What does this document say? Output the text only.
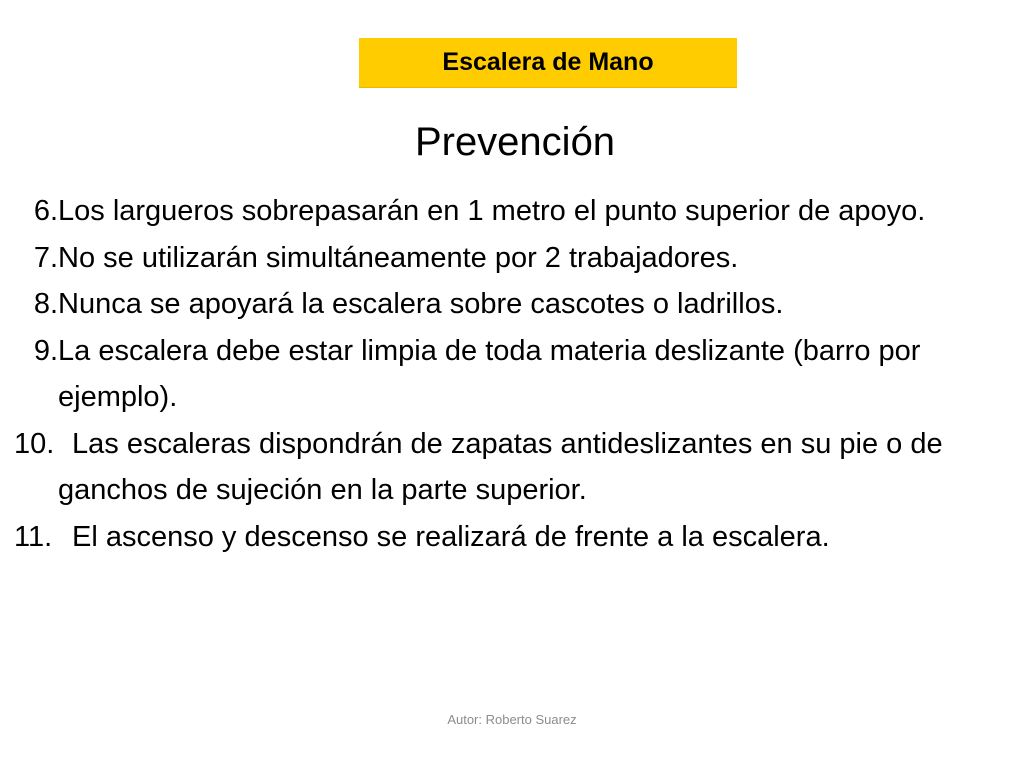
Escalera de Mano
Prevención
6. Los largueros sobrepasarán en 1 metro el punto superior de apoyo.
7. No se utilizarán simultáneamente por 2 trabajadores.
8. Nunca se apoyará la escalera sobre cascotes o ladrillos.
9. La escalera debe estar limpia de toda materia deslizante (barro por ejemplo).
10. Las escaleras dispondrán de zapatas antideslizantes en su pie o de ganchos de sujeción en la parte superior.
11. El ascenso y descenso se realizará de frente a la escalera.
Autor: Roberto Suarez
